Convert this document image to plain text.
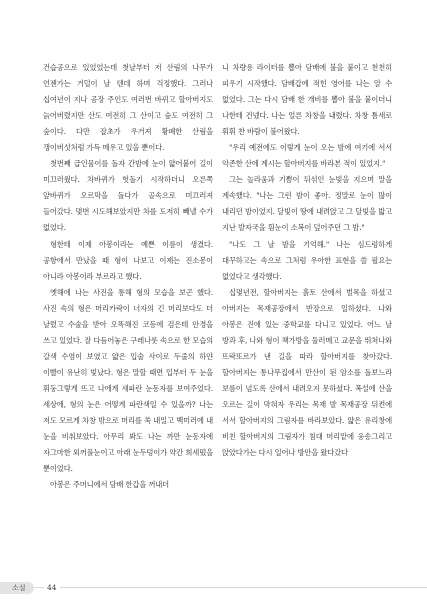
건습공으로 있었었는데 첫날부터 저 산림의 나무가 언젠가는 거덜이 날 텐데 하며 걱정했다. 그러나 십여년이 지나 공장 주인도 여러번 바뀌고 할아버지도 늙어버렸지만 산도 여전히 그 산이고 숲도 여전히 그 숲이다. 다만 잡초가 우거져 황폐한 산림을 갱이버섯처럼 가득 메우고 있을 뿐이다.

첫번째 급인물이를 돌자 간밤에 눈이 얇어붙어 길이 미끄러웠다. 차바퀴가 헛돌기 시작하더니 오른쪽 앞바퀴가 오르막을 돌다가 골속으로 미끄러져 들어갔다. 몇번 시도해보았지만 차를 도저히 빼낼 수가 없었다.

형한테 이제 아봉이라는 예쁜 이름이 생겼다. 공항에서 만났을 때 형이 나보고 이제는 진소봉이 아니라 아봉이라 부르라고 했다.

옛해에 나는 사진을 통해 형의 모습을 보곤 했다. 사진 속의 형은 머리카락이 너자의 긴 머리보다도 더 날렸고 수술을 받아 오똑해진 코등에 검은테 안경을 쓰고 있었다. 잘 다듬어놓은 구레나룻 속으로 한 모습의 갈색 수염이 보였고 얇은 입술 사이로 두줄의 하얀 이빨이 유난히 빛났다. 형은 말할 때면 입부터 두 눈을 휘둥그렇게 뜨고 나에게 새파란 눈동자를 보여주었다. 세상에, 형의 눈은 어떻게 파란색일 수 있을까? 나는 저도 모르게 차창 밖으로 머리를 쑥 내밀고 백미러에 내 눈을 비춰보았다. 아무리 봐도 나는 까만 눈동자에 자그마한 외꺼풀눈이고 아래 눈두덩이가 약간 희세떴을 뿐이었다.

아봉은 주머니에서 담배 한갑을 꺼내더

니 차량용 라이터를 뽑아 담배에 불을 붙이고 천천히 피우기 시작했다. 담배갑에 적힌 영어를 나는 알 수 없었다. 그는 다시 담배 한 개비를 뽑아 불을 붙이더니 나한테 건넸다. 나는 얼른 차창을 내렸다. 차창 틈새로 휘휘 찬 바람이 불어왔다.

"우리 예전에도 이렇게 눈이 오는 밤에 여기에 서서 악존한 산에 계시는 할아버지를 바라본 적이 있었지."

그는 놀라움과 기쁨이 뒤섞인 눈빛을 지으며 말을 계속했다. "나는 그런 밤이 좋아. 정말로 눈이 많이 내리던 밤이었지. 달빛이 땅에 내려앉고 그 달빛을 밟고 지난 발자국을 흰눈이 소복이 덮어주던 그 밤."

"나도 그 날 밤을 기억해." 나는 심드렁하게 대꾸하고는 속으로 그처럼 우아한 표현을 쓸 필요는 없었다고 생각했다.

십몇년전, 할아버지는 흙토 산에서 벌목을 하셨고 아버지는 목재공장에서 반장으로 일하셨다. 나와 아봉은 진에 있는 중학교를 다니고 있었다. 어느 날 방과 후, 나와 형이 책가방을 둘러메고 교문을 뛰쳐나와 뜨락또르가 낸 길을 따라 할아버지를 찾아갔다. 할아버지는 통나무집에서 만산이 된 암소를 돌보느라 보름이 넘도록 산에서 내려오지 못하셨다. 폭설에 산을 오르는 길이 막혀자 우리는 목재 발 목재공장 뒤켠에 서서 할아버지의 그림자를 바라보았다. 얇은 유리창에 비친 할아버지의 그림자가 침대 머리맡에 웅송그리고 앉았다가는 다시 일어나 방안을 왔다갔다

소설	44
